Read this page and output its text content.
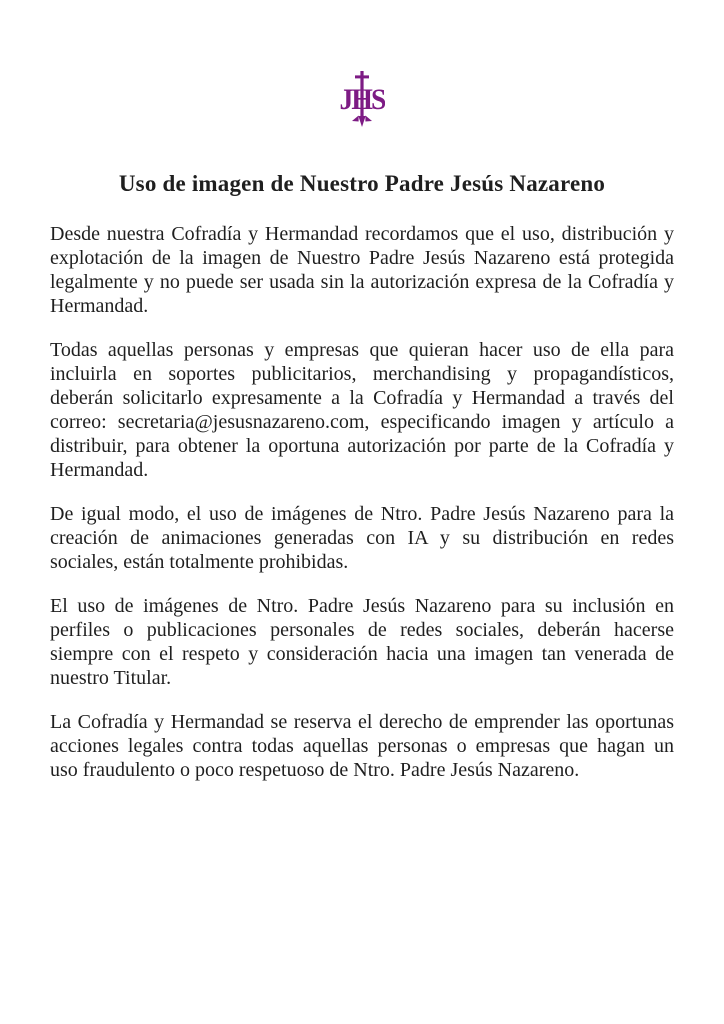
JHS
Uso de imagen de Nuestro Padre Jesús Nazareno
Desde nuestra Cofradía y Hermandad recordamos que el uso, distribución y
explotación de la imagen de Nuestro Padre Jesús Nazareno está protegida
legalmente y no puede ser usada sin la autorización expresa de la Cofradía y
Hermandad.
Todas aquellas personas y empresas que quieran hacer uso de ella para
incluirla en soportes publicitarios, merchandising y propagandísticos,
deberán solicitarlo expresamente a la Cofradía y Hermandad a través del
correo: secretaria@jesusnazareno.com, especificando imagen y artículo a
distribuir, para obtener la oportuna autorización por parte de la Cofradía y
Hermandad.
De igual modo, el uso de imágenes de Ntro. Padre Jesús Nazareno para la
creación de animaciones generadas con IA y su distribución en redes
sociales, están totalmente prohibidas.
El uso de imágenes de Ntro. Padre Jesús Nazareno para su inclusión en
perfiles o publicaciones personales de redes sociales, deberán hacerse
siempre con el respeto y consideración hacia una imagen tan venerada de
nuestro Titular.
La Cofradía y Hermandad se reserva el derecho de emprender las oportunas
acciones legales contra todas aquellas personas o empresas que hagan un
uso fraudulento o poco respetuoso de Ntro. Padre Jesús Nazareno.
